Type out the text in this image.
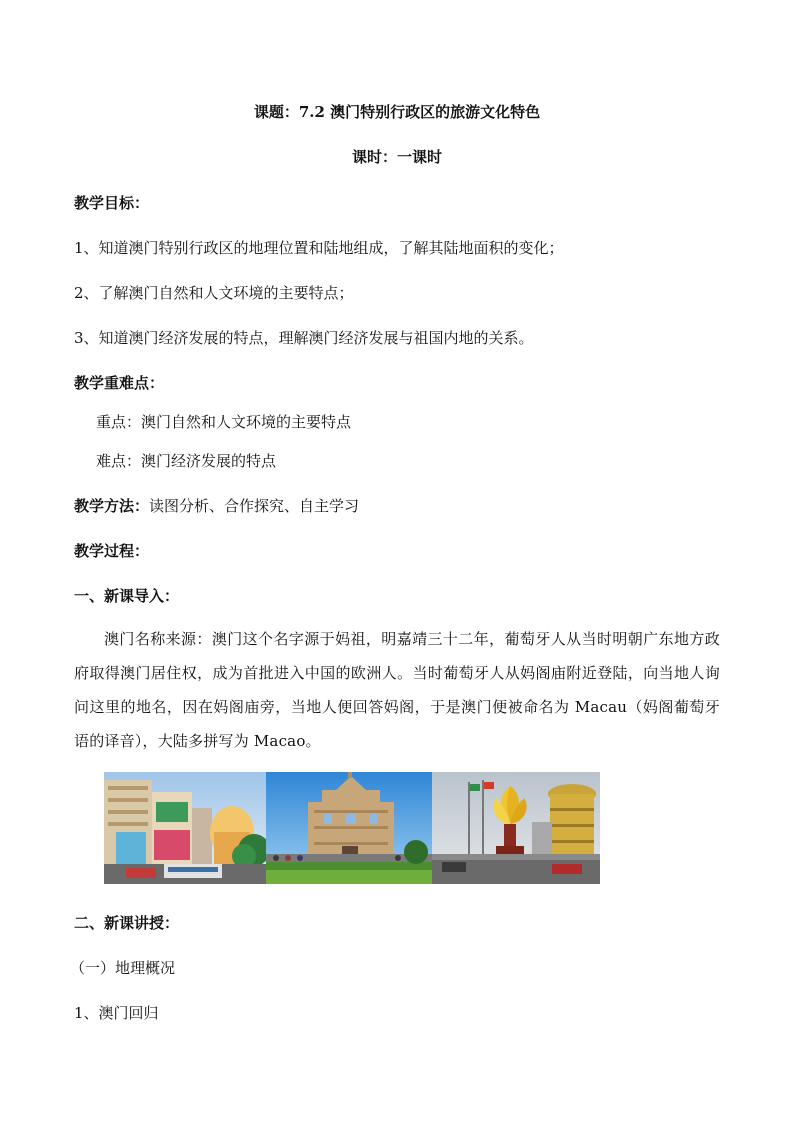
课题：7.2 澳门特别行政区的旅游文化特色
课时：一课时
教学目标：
1、知道澳门特别行政区的地理位置和陆地组成，了解其陆地面积的变化；
2、了解澳门自然和人文环境的主要特点；
3、知道澳门经济发展的特点，理解澳门经济发展与祖国内地的关系。
教学重难点：
重点：澳门自然和人文环境的主要特点
难点：澳门经济发展的特点
教学方法：读图分析、合作探究、自主学习
教学过程：
一、新课导入：
澳门名称来源：澳门这个名字源于妈祖，明嘉靖三十二年，葡萄牙人从当时明朝广东地方政府取得澳门居住权，成为首批进入中国的欧洲人。当时葡萄牙人从妈阁庙附近登陆，向当地人询问这里的地名，因在妈阁庙旁，当地人便回答妈阁，于是澳门便被命名为 Macau（妈阁葡萄牙语的译音），大陆多拼写为 Macao。
二、新课讲授：
（一）地理概况
1、澳门回归
